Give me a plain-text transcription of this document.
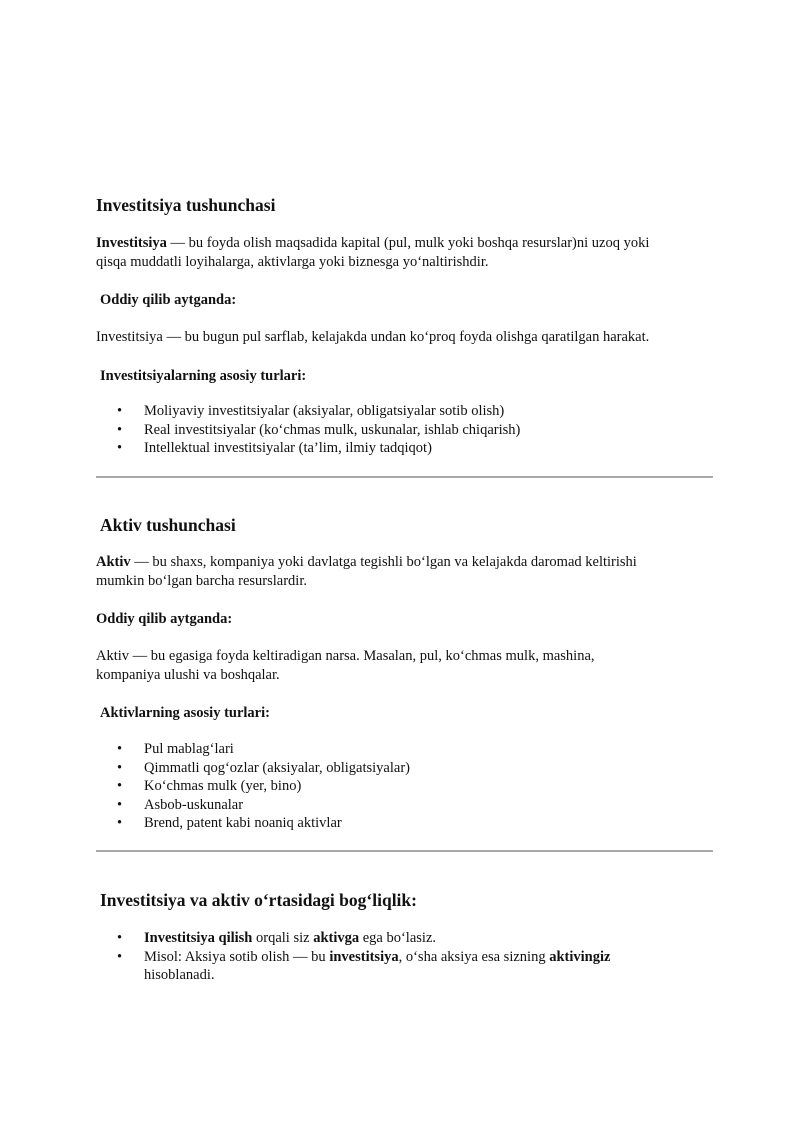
Investitsiya tushunchasi

Investitsiya — bu foyda olish maqsadida kapital (pul, mulk yoki boshqa resurslar)ni uzoq yoki
qisqa muddatli loyihalarga, aktivlarga yoki biznesga yo‘naltirishdir.

Oddiy qilib aytganda:

Investitsiya — bu bugun pul sarflab, kelajakda undan ko‘proq foyda olishga qaratilgan harakat.

Investitsiyalarning asosiy turlari:
• Moliyaviy investitsiyalar (aksiyalar, obligatsiyalar sotib olish)
• Real investitsiyalar (ko‘chmas mulk, uskunalar, ishlab chiqarish)
• Intellektual investitsiyalar (ta’lim, ilmiy tadqiqot)
Aktiv tushunchasi

Aktiv — bu shaxs, kompaniya yoki davlatga tegishli bo‘lgan va kelajakda daromad keltirishi
mumkin bo‘lgan barcha resurslardir.

Oddiy qilib aytganda:

Aktiv — bu egasiga foyda keltiradigan narsa. Masalan, pul, ko‘chmas mulk, mashina,
kompaniya ulushi va boshqalar.

Aktivlarning asosiy turlari:
• Pul mablag‘lari
• Qimmatli qog‘ozlar (aksiyalar, obligatsiyalar)
• Ko‘chmas mulk (yer, bino)
• Asbob-uskunalar
• Brend, patent kabi noaniq aktivlar
Investitsiya va aktiv o‘rtasidagi bog‘liqlik:
• Investitsiya qilish orqali siz aktivga ega bo‘lasiz.
• Misol: Aksiya sotib olish — bu investitsiya, o‘sha aksiya esa sizning aktivingiz
hisoblanadi.
